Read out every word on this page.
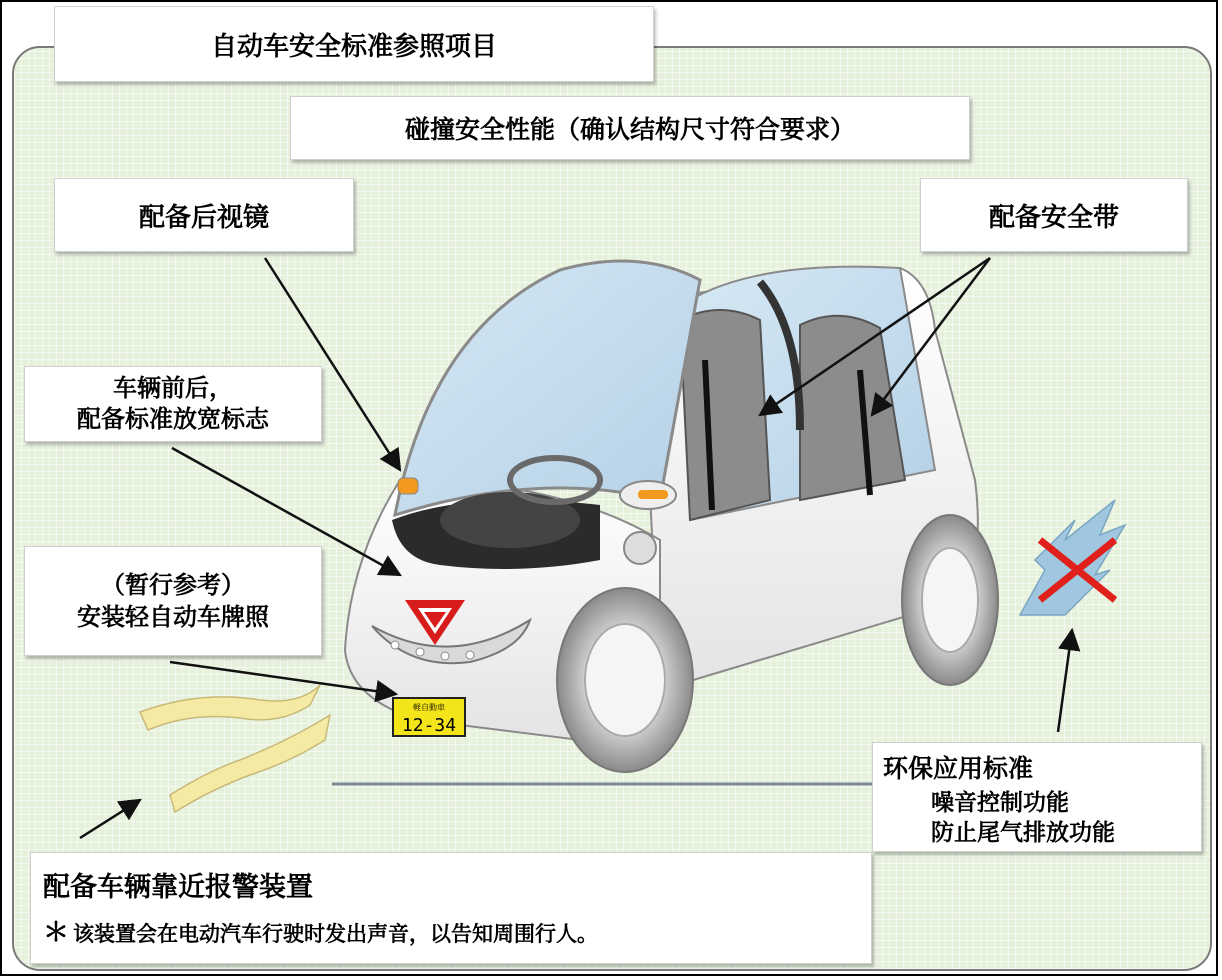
軽自動車
12-34
自动车安全标准参照项目
碰撞安全性能（确认结构尺寸符合要求）
配备后视镜	配备安全带
车辆前后，
配备标准放宽标志
（暂行参考）
安装轻自动车牌照
环保应用标准
噪音控制功能
防止尾气排放功能
配备车辆靠近报警装置
＊ 该装置会在电动汽车行驶时发出声音，以告知周围行人。
